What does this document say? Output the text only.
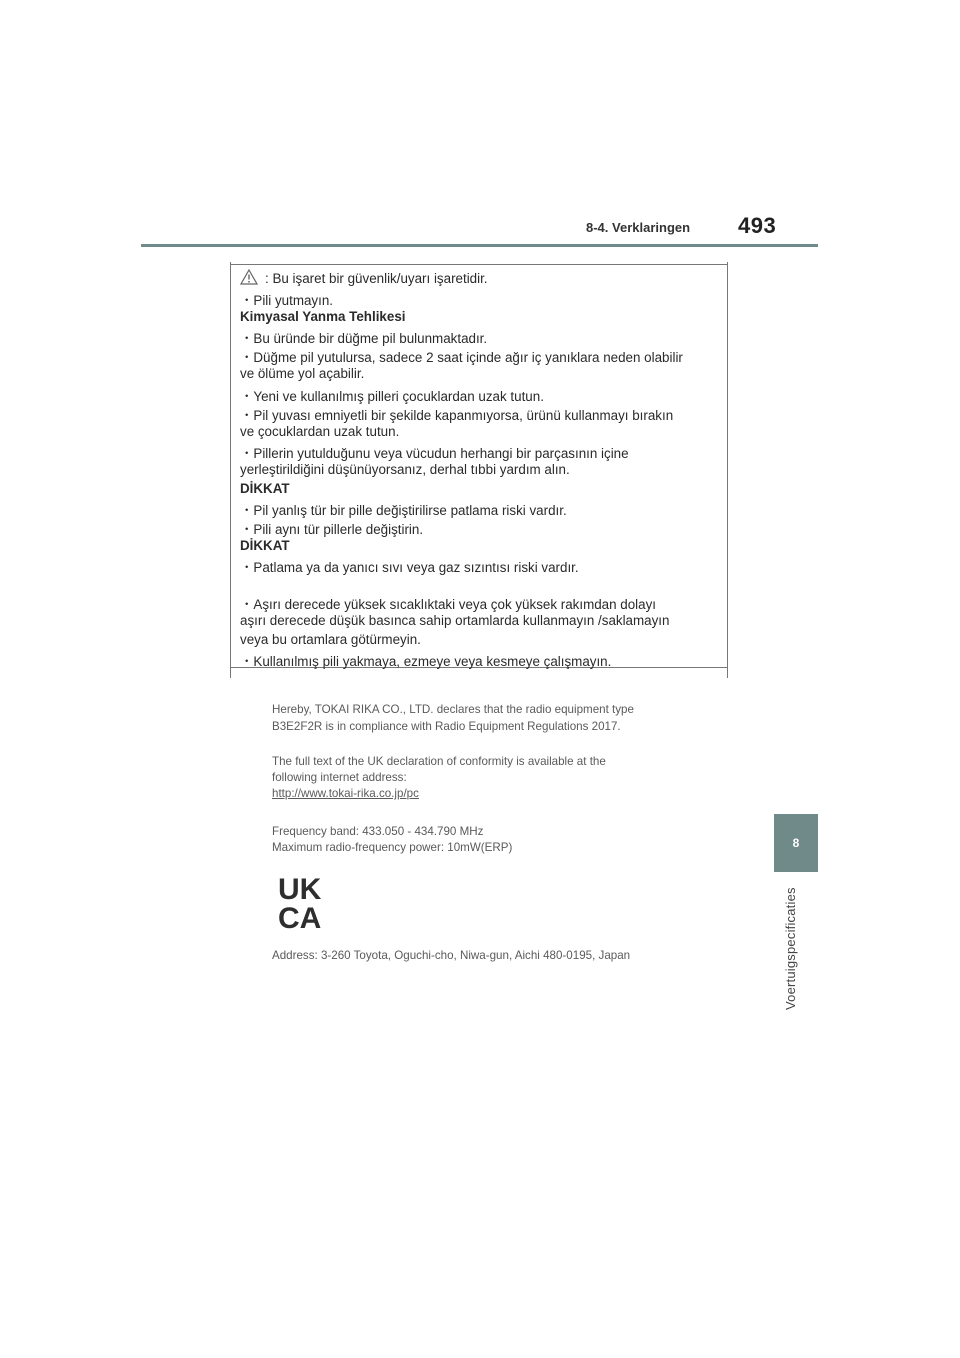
8-4. Verklaringen 493
8
Voertuigspecificaties
: Bu işaret bir güvenlik/uyarı işaretidir.
・Pili yutmayın.
Kimyasal Yanma Tehlikesi
・Bu üründe bir düğme pil bulunmaktadır.
・Düğme pil yutulursa, sadece 2 saat içinde ağır iç yanıklara neden olabilir
ve ölüme yol açabilir.
・Yeni ve kullanılmış pilleri çocuklardan uzak tutun.
・Pil yuvası emniyetli bir şekilde kapanmıyorsa, ürünü kullanmayı bırakın
ve çocuklardan uzak tutun.
・Pillerin yutulduğunu veya vücudun herhangi bir parçasının içine
yerleştirildiğini düşünüyorsanız, derhal tıbbi yardım alın.
DİKKAT
・Pil yanlış tür bir pille değiştirilirse patlama riski vardır.
・Pili aynı tür pillerle değiştirin.
DİKKAT
・Patlama ya da yanıcı sıvı veya gaz sızıntısı riski vardır.
・Aşırı derecede yüksek sıcaklıktaki veya çok yüksek rakımdan dolayı
aşırı derecede düşük basınca sahip ortamlarda kullanmayın /saklamayın
veya bu ortamlara götürmeyin.
・Kullanılmış pili yakmaya, ezmeye veya kesmeye çalışmayın.
Hereby, TOKAI RIKA CO., LTD. declares that the radio equipment type
B3E2F2R is in compliance with Radio Equipment Regulations 2017.
The full text of the UK declaration of conformity is available at the
following internet address:
http://www.tokai-rika.co.jp/pc
Frequency band: 433.050 - 434.790 MHz
Maximum radio-frequency power: 10mW(ERP)
UK
CA
Address: 3-260 Toyota, Oguchi-cho, Niwa-gun, Aichi 480-0195, Japan
